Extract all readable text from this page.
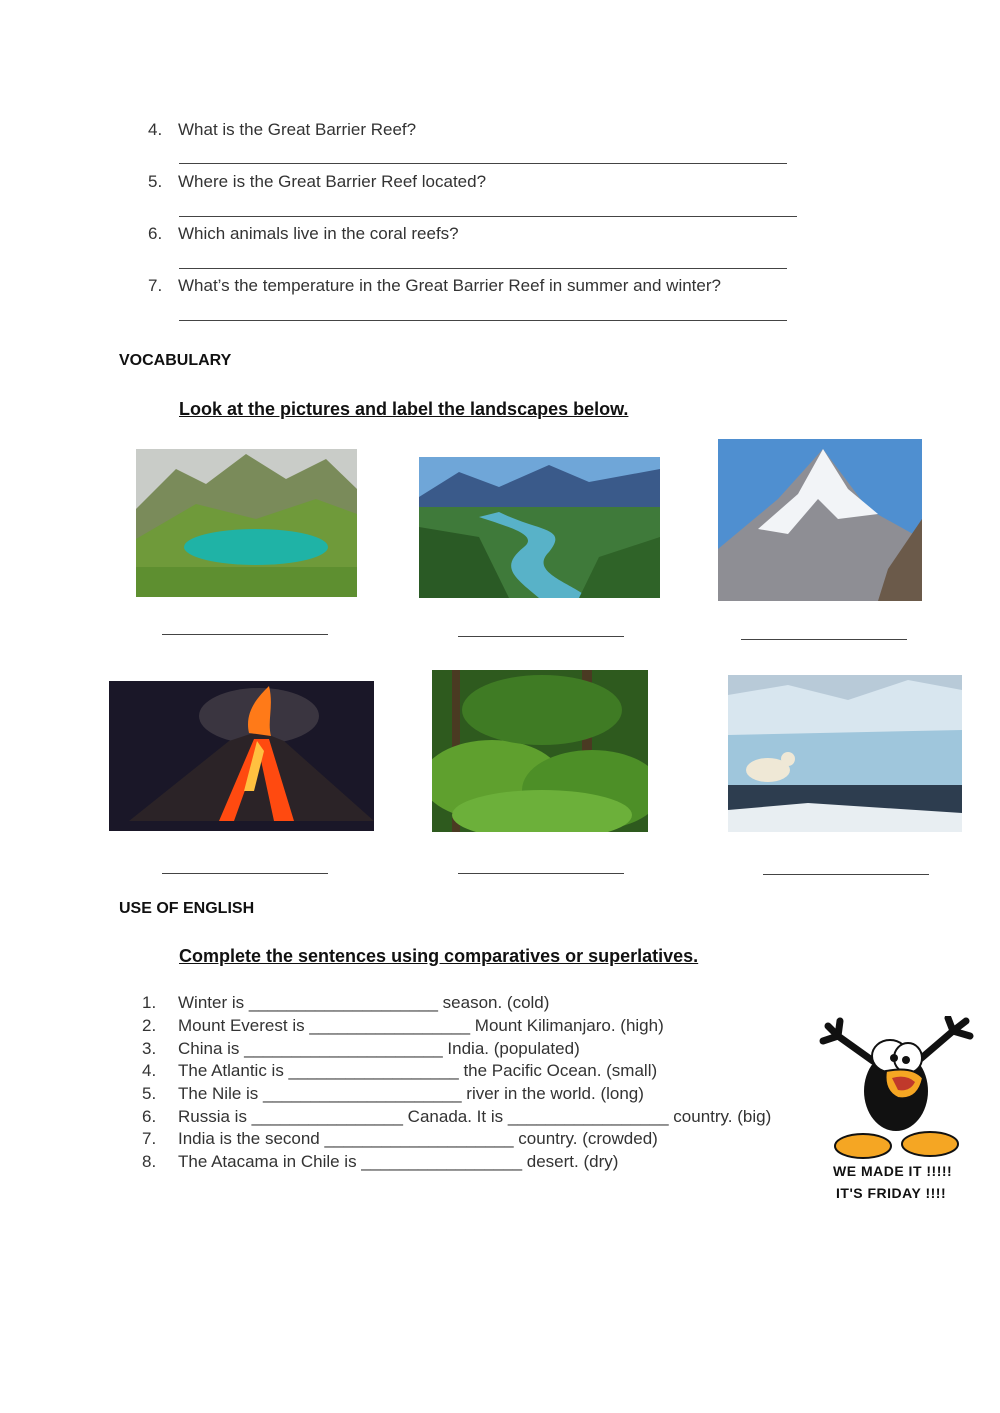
4. What is the Great Barrier Reef?
5. Where is the Great Barrier Reef located?
6. Which animals live in the coral reefs?
7. What’s the temperature in the Great Barrier Reef in summer and winter?
VOCABULARY
Look at the pictures and label the landscapes below.
USE OF ENGLISH
Complete the sentences using comparatives or superlatives.
1. Winter is ____________________ season. (cold)
2. Mount Everest is _________________ Mount Kilimanjaro. (high)
3. China is _____________________ India. (populated)
4. The Atlantic is __________________ the Pacific Ocean. (small)
5. The Nile is _____________________ river in the world. (long)
6. Russia is ________________ Canada. It is _________________ country. (big)
7. India is the second ____________________ country. (crowded)
8. The Atacama in Chile is _________________ desert. (dry)	WE MADE IT !!!!!
IT'S FRIDAY !!!!
